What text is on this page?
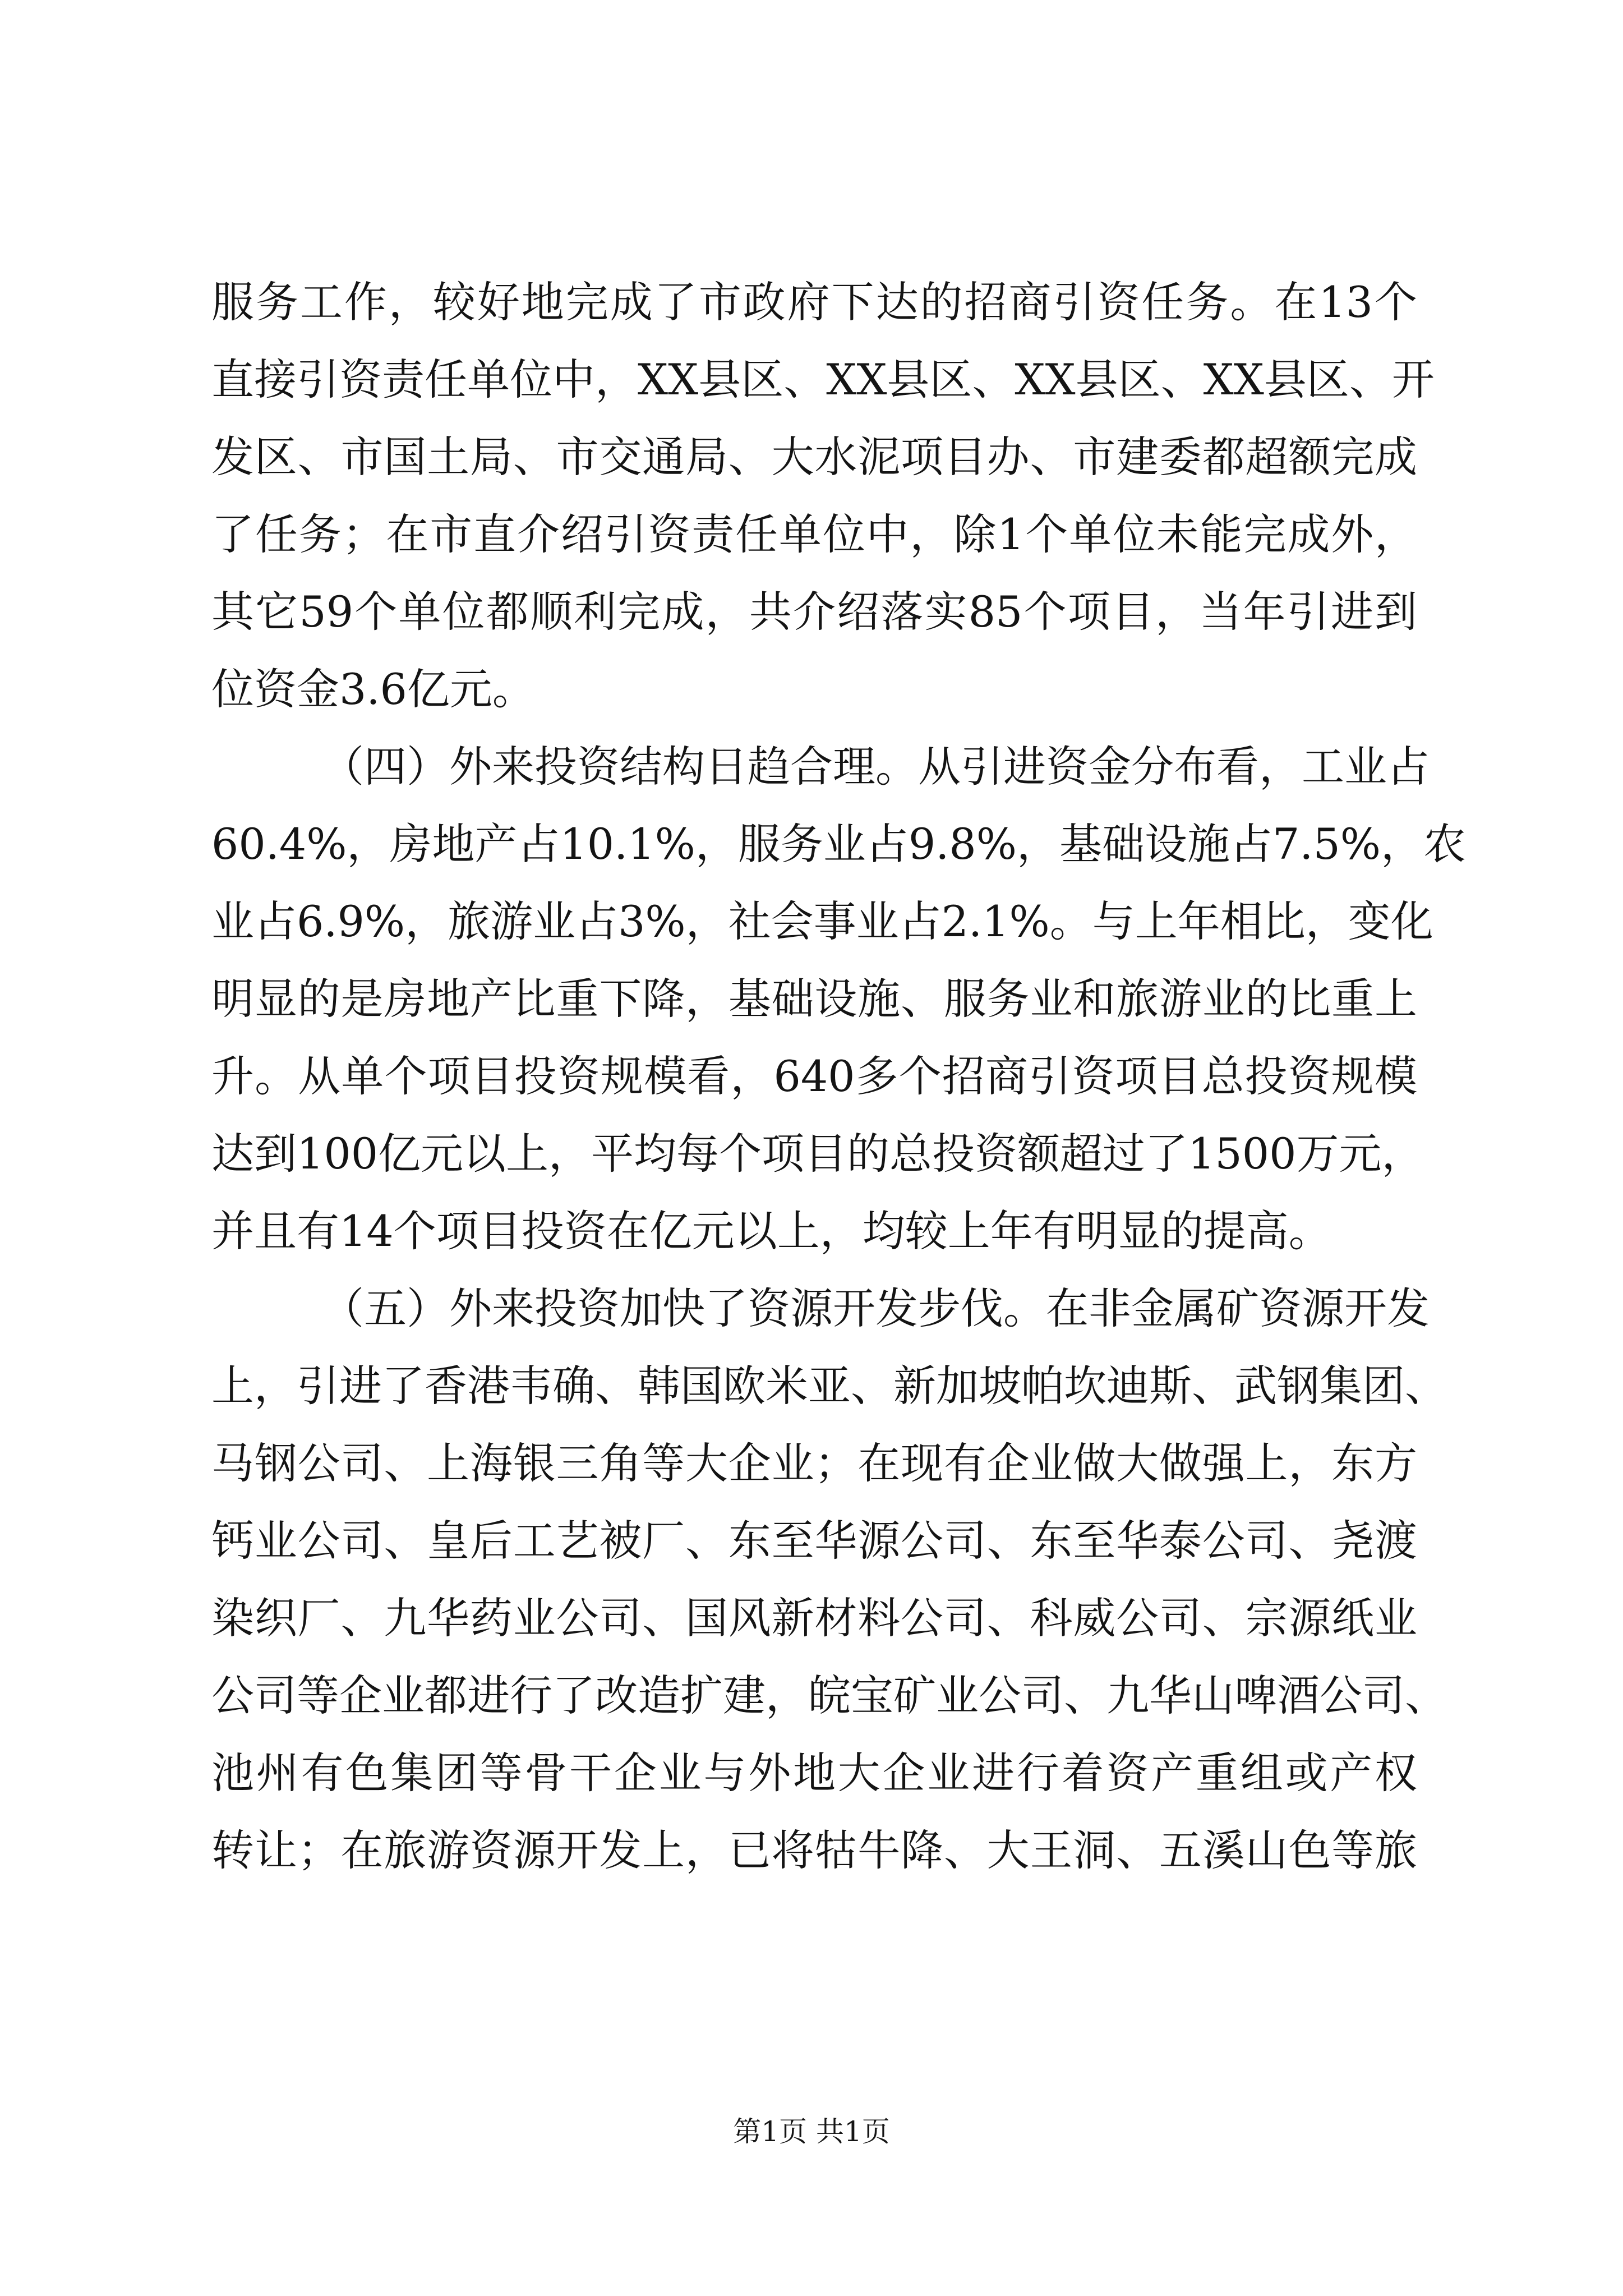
服务工作，较好地完成了市政府下达的招商引资任务。在13个
直接引资责任单位中，XX县区、XX县区、XX县区、XX县区、开
发区、市国土局、市交通局、大水泥项目办、市建委都超额完成
了任务；在市直介绍引资责任单位中，除1个单位未能完成外，
其它59个单位都顺利完成，共介绍落实85个项目，当年引进到
位资金3.6亿元。
（四）外来投资结构日趋合理。从引进资金分布看，工业占
60.4%，房地产占10.1%，服务业占9.8%，基础设施占7.5%，农
业占6.9%，旅游业占3%，社会事业占2.1%。与上年相比，变化
明显的是房地产比重下降，基础设施、服务业和旅游业的比重上
升。从单个项目投资规模看，640多个招商引资项目总投资规模
达到100亿元以上，平均每个项目的总投资额超过了1500万元，
并且有14个项目投资在亿元以上，均较上年有明显的提高。
（五）外来投资加快了资源开发步伐。在非金属矿资源开发
上，引进了香港韦确、韩国欧米亚、新加坡帕坎迪斯、武钢集团、
马钢公司、上海银三角等大企业；在现有企业做大做强上，东方
钙业公司、皇后工艺被厂、东至华源公司、东至华泰公司、尧渡
染织厂、九华药业公司、国风新材料公司、科威公司、宗源纸业
公司等企业都进行了改造扩建，皖宝矿业公司、九华山啤酒公司、
池州有色集团等骨干企业与外地大企业进行着资产重组或产权
转让；在旅游资源开发上，已将牯牛降、大王洞、五溪山色等旅
第1页 共1页
